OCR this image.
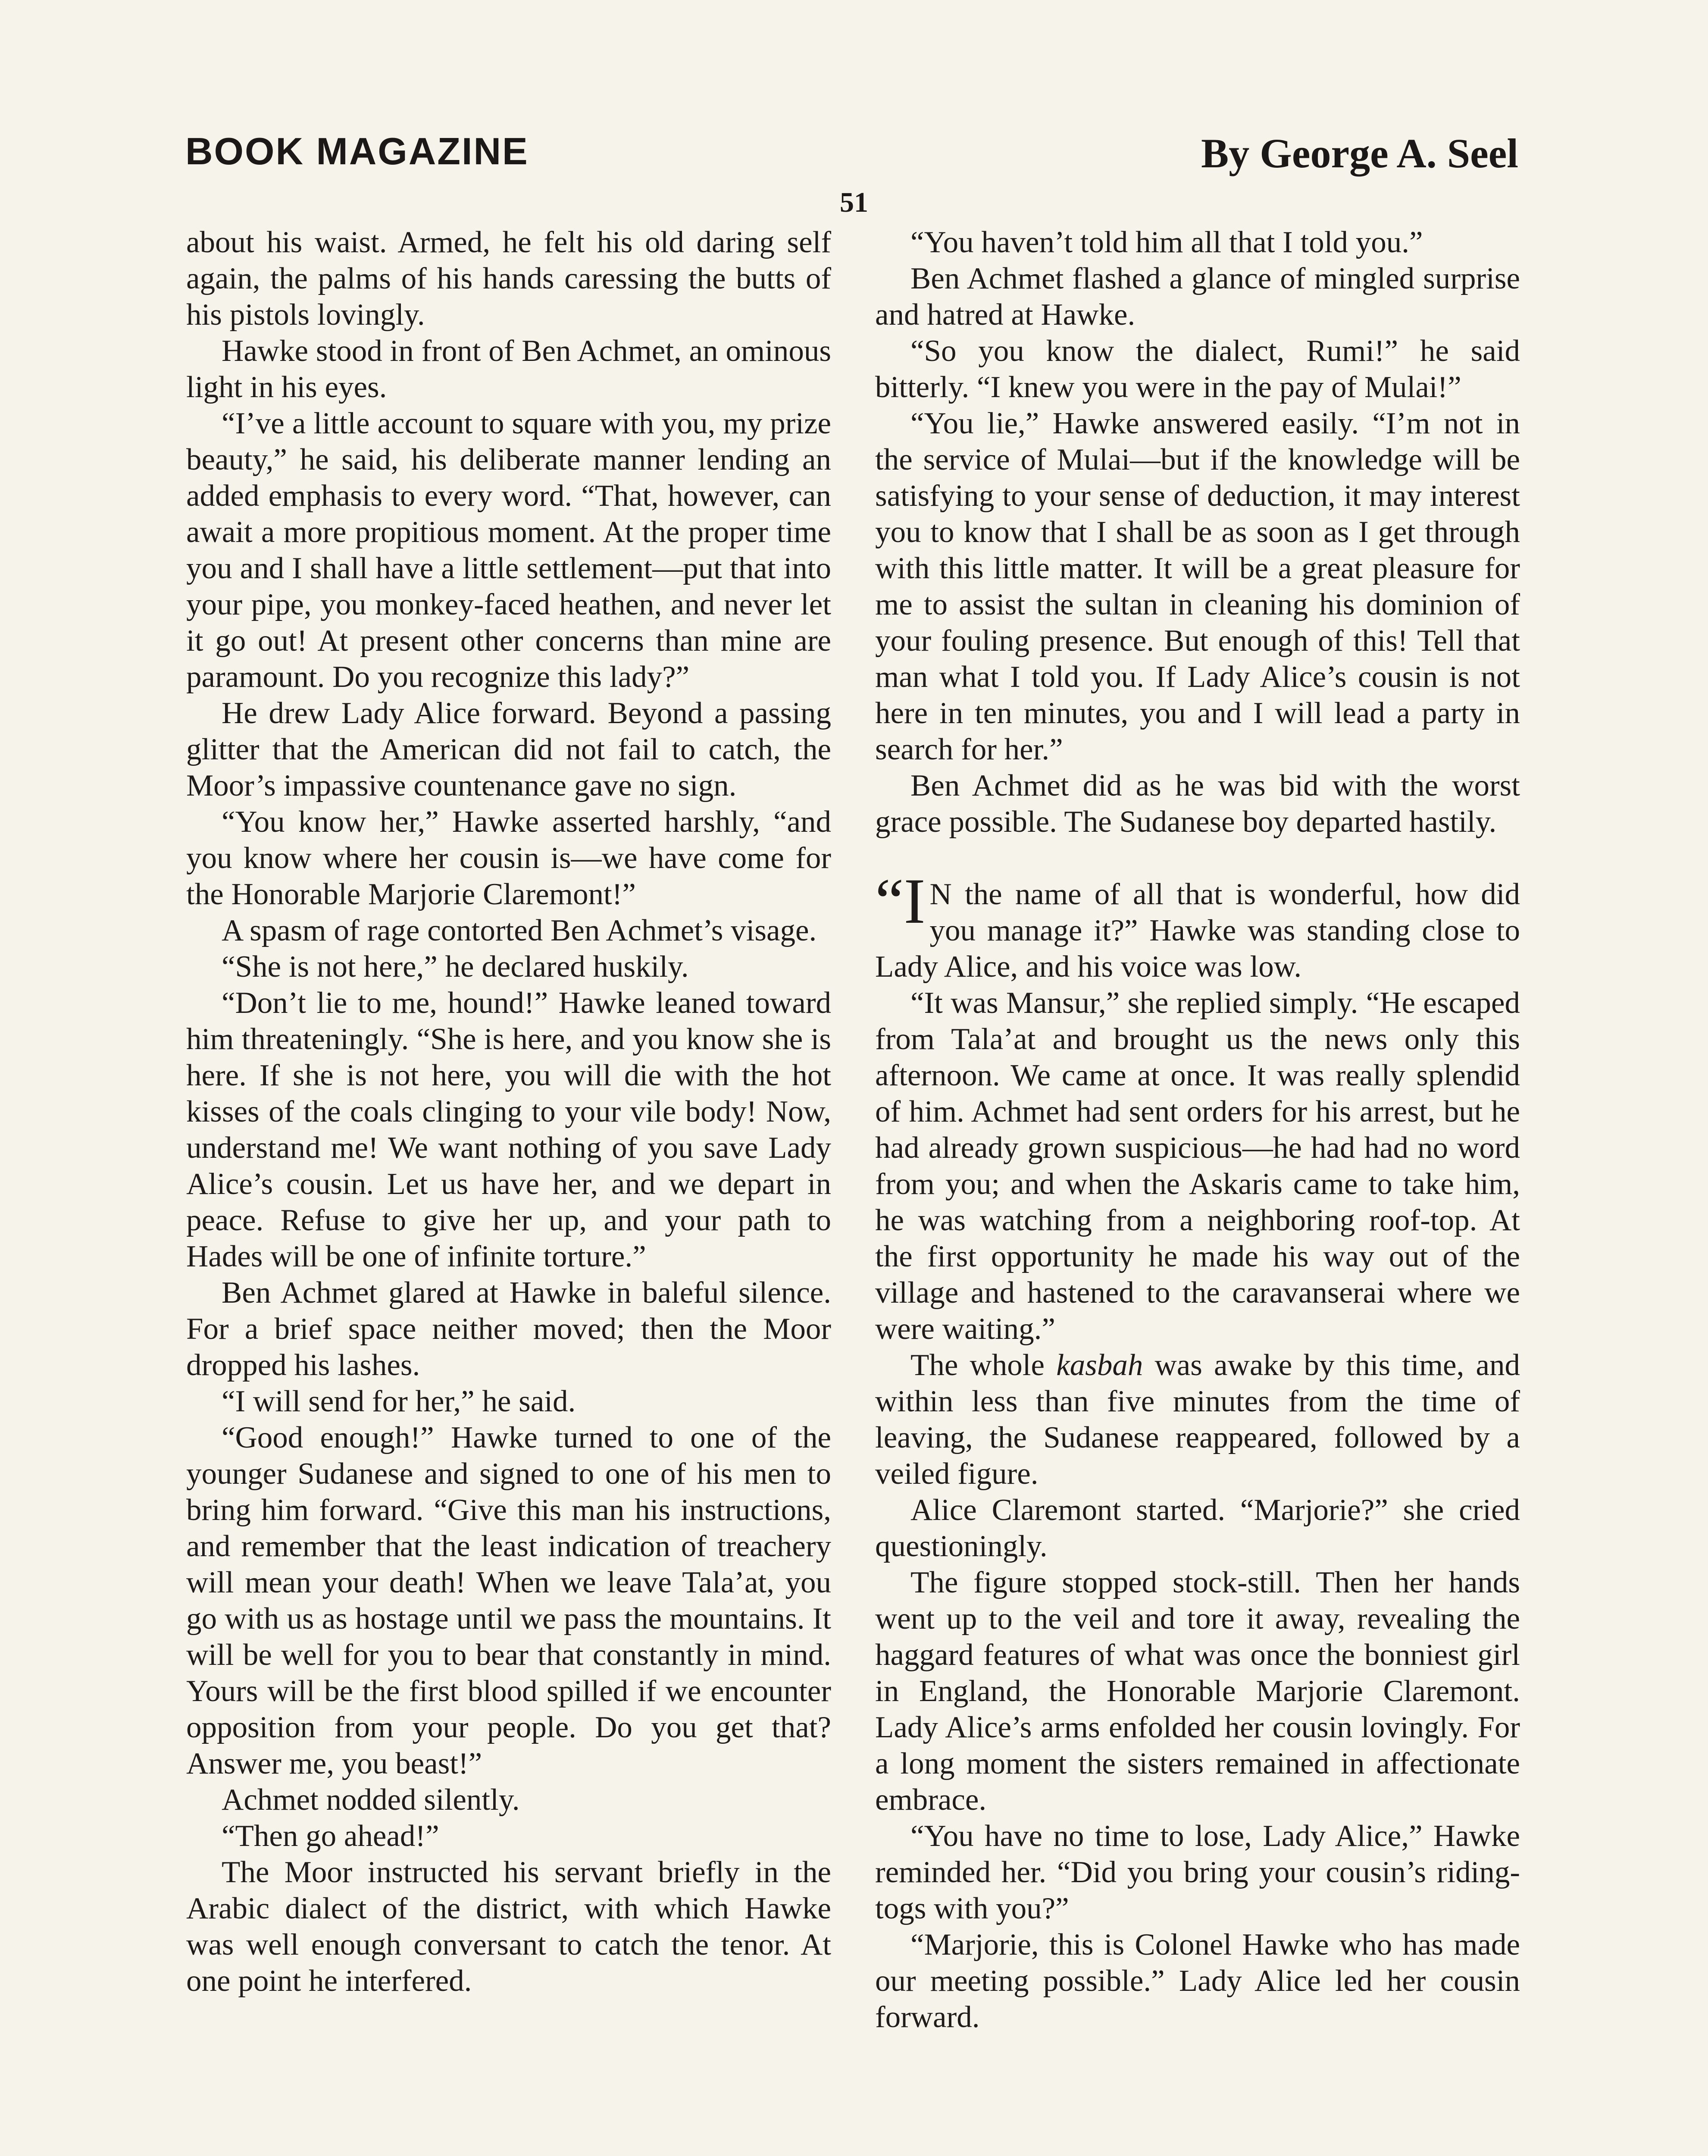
BOOK MAGAZINE	By George A. Seel
51

about his waist. Armed, he felt his old daring self again, the palms of his hands caressing the butts of his pistols lovingly.

Hawke stood in front of Ben Achmet, an ominous light in his eyes.

“I’ve a little account to square with you, my prize beauty,” he said, his deliberate manner lending an added emphasis to every word. “That, however, can await a more propitious moment. At the proper time you and I shall have a little settlement—put that into your pipe, you monkey-faced heathen, and never let it go out! At present other concerns than mine are paramount. Do you recognize this lady?”

He drew Lady Alice forward. Beyond a passing glitter that the American did not fail to catch, the Moor’s impassive countenance gave no sign.

“You know her,” Hawke asserted harshly, “and you know where her cousin is—we have come for the Honorable Marjorie Claremont!”

A spasm of rage contorted Ben Achmet’s visage.

“She is not here,” he declared huskily.

“Don’t lie to me, hound!” Hawke leaned toward him threateningly. “She is here, and you know she is here. If she is not here, you will die with the hot kisses of the coals clinging to your vile body! Now, understand me! We want nothing of you save Lady Alice’s cousin. Let us have her, and we depart in peace. Refuse to give her up, and your path to Hades will be one of infinite torture.”

Ben Achmet glared at Hawke in baleful silence. For a brief space neither moved; then the Moor dropped his lashes.

“I will send for her,” he said.

“Good enough!” Hawke turned to one of the younger Sudanese and signed to one of his men to bring him forward. “Give this man his instructions, and remember that the least indication of treachery will mean your death! When we leave Tala’at, you go with us as hostage until we pass the mountains. It will be well for you to bear that constantly in mind. Yours will be the first blood spilled if we encounter opposition from your people. Do you get that? Answer me, you beast!”

Achmet nodded silently.

“Then go ahead!”

The Moor instructed his servant briefly in the Arabic dialect of the district, with which Hawke was well enough conversant to catch the tenor. At one point he interfered.

“You haven’t told him all that I told you.”

Ben Achmet flashed a glance of mingled surprise and hatred at Hawke.

“So you know the dialect, Rumi!” he said bitterly. “I knew you were in the pay of Mulai!”

“You lie,” Hawke answered easily. “I’m not in the service of Mulai—but if the knowledge will be satisfying to your sense of deduction, it may interest you to know that I shall be as soon as I get through with this little matter. It will be a great pleasure for me to assist the sultan in cleaning his dominion of your fouling presence. But enough of this! Tell that man what I told you. If Lady Alice’s cousin is not here in ten minutes, you and I will lead a party in search for her.”

Ben Achmet did as he was bid with the worst grace possible. The Sudanese boy departed hastily.

“I N the name of all that is wonderful, how did you manage it?” Hawke was standing close to Lady Alice, and his voice was low.

“It was Mansur,” she replied simply. “He escaped from Tala’at and brought us the news only this afternoon. We came at once. It was really splendid of him. Achmet had sent orders for his arrest, but he had already grown suspicious—he had had no word from you; and when the Askaris came to take him, he was watching from a neighboring roof-top. At the first opportunity he made his way out of the village and hastened to the caravanserai where we were waiting.”

The whole kasbah was awake by this time, and within less than five minutes from the time of leaving, the Sudanese reappeared, followed by a veiled figure.

Alice Claremont started. “Marjorie?” she cried questioningly.

The figure stopped stock-still. Then her hands went up to the veil and tore it away, revealing the haggard features of what was once the bonniest girl in England, the Honorable Marjorie Claremont. Lady Alice’s arms enfolded her cousin lovingly. For a long moment the sisters remained in affectionate embrace.

“You have no time to lose, Lady Alice,” Hawke reminded her. “Did you bring your cousin’s riding-togs with you?”

“Marjorie, this is Colonel Hawke who has made our meeting possible.” Lady Alice led her cousin forward.
